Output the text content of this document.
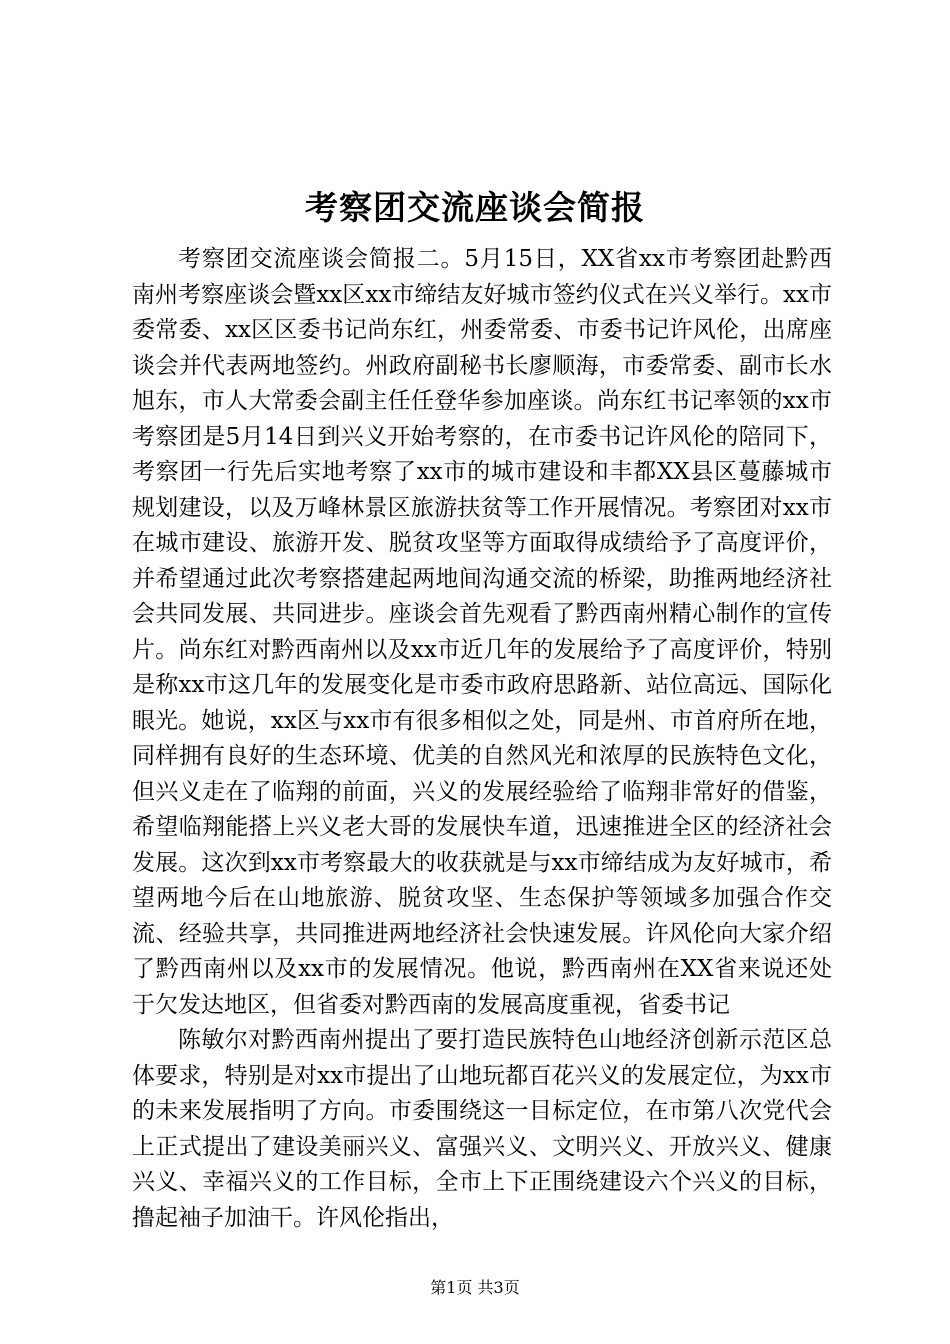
考察团交流座谈会简报

考察团交流座谈会简报二。5月15日，XX省xx市考察团赴黔西南州考察座谈会暨xx区xx市缔结友好城市签约仪式在兴义举行。xx市委常委、xx区区委书记尚东红，州委常委、市委书记许风伦，出席座谈会并代表两地签约。州政府副秘书长廖顺海，市委常委、副市长水旭东，市人大常委会副主任任登华参加座谈。尚东红书记率领的xx市考察团是5月14日到兴义开始考察的，在市委书记许风伦的陪同下，考察团一行先后实地考察了xx市的城市建设和丰都XX县区蔓藤城市规划建设，以及万峰林景区旅游扶贫等工作开展情况。考察团对xx市在城市建设、旅游开发、脱贫攻坚等方面取得成绩给予了高度评价，并希望通过此次考察搭建起两地间沟通交流的桥梁，助推两地经济社会共同发展、共同进步。座谈会首先观看了黔西南州精心制作的宣传片。尚东红对黔西南州以及xx市近几年的发展给予了高度评价，特别是称xx市这几年的发展变化是市委市政府思路新、站位高远、国际化眼光。她说，xx区与xx市有很多相似之处，同是州、市首府所在地，同样拥有良好的生态环境、优美的自然风光和浓厚的民族特色文化，但兴义走在了临翔的前面，兴义的发展经验给了临翔非常好的借鉴，希望临翔能搭上兴义老大哥的发展快车道，迅速推进全区的经济社会发展。这次到xx市考察最大的收获就是与xx市缔结成为友好城市，希望两地今后在山地旅游、脱贫攻坚、生态保护等领域多加强合作交流、经验共享，共同推进两地经济社会快速发展。许风伦向大家介绍了黔西南州以及xx市的发展情况。他说，黔西南州在XX省来说还处于欠发达地区，但省委对黔西南的发展高度重视，省委书记

陈敏尔对黔西南州提出了要打造民族特色山地经济创新示范区总体要求，特别是对xx市提出了山地玩都百花兴义的发展定位，为xx市的未来发展指明了方向。市委围绕这一目标定位，在市第八次党代会上正式提出了建设美丽兴义、富强兴义、文明兴义、开放兴义、健康兴义、幸福兴义的工作目标，全市上下正围绕建设六个兴义的目标，撸起袖子加油干。许风伦指出，

第1页 共3页
